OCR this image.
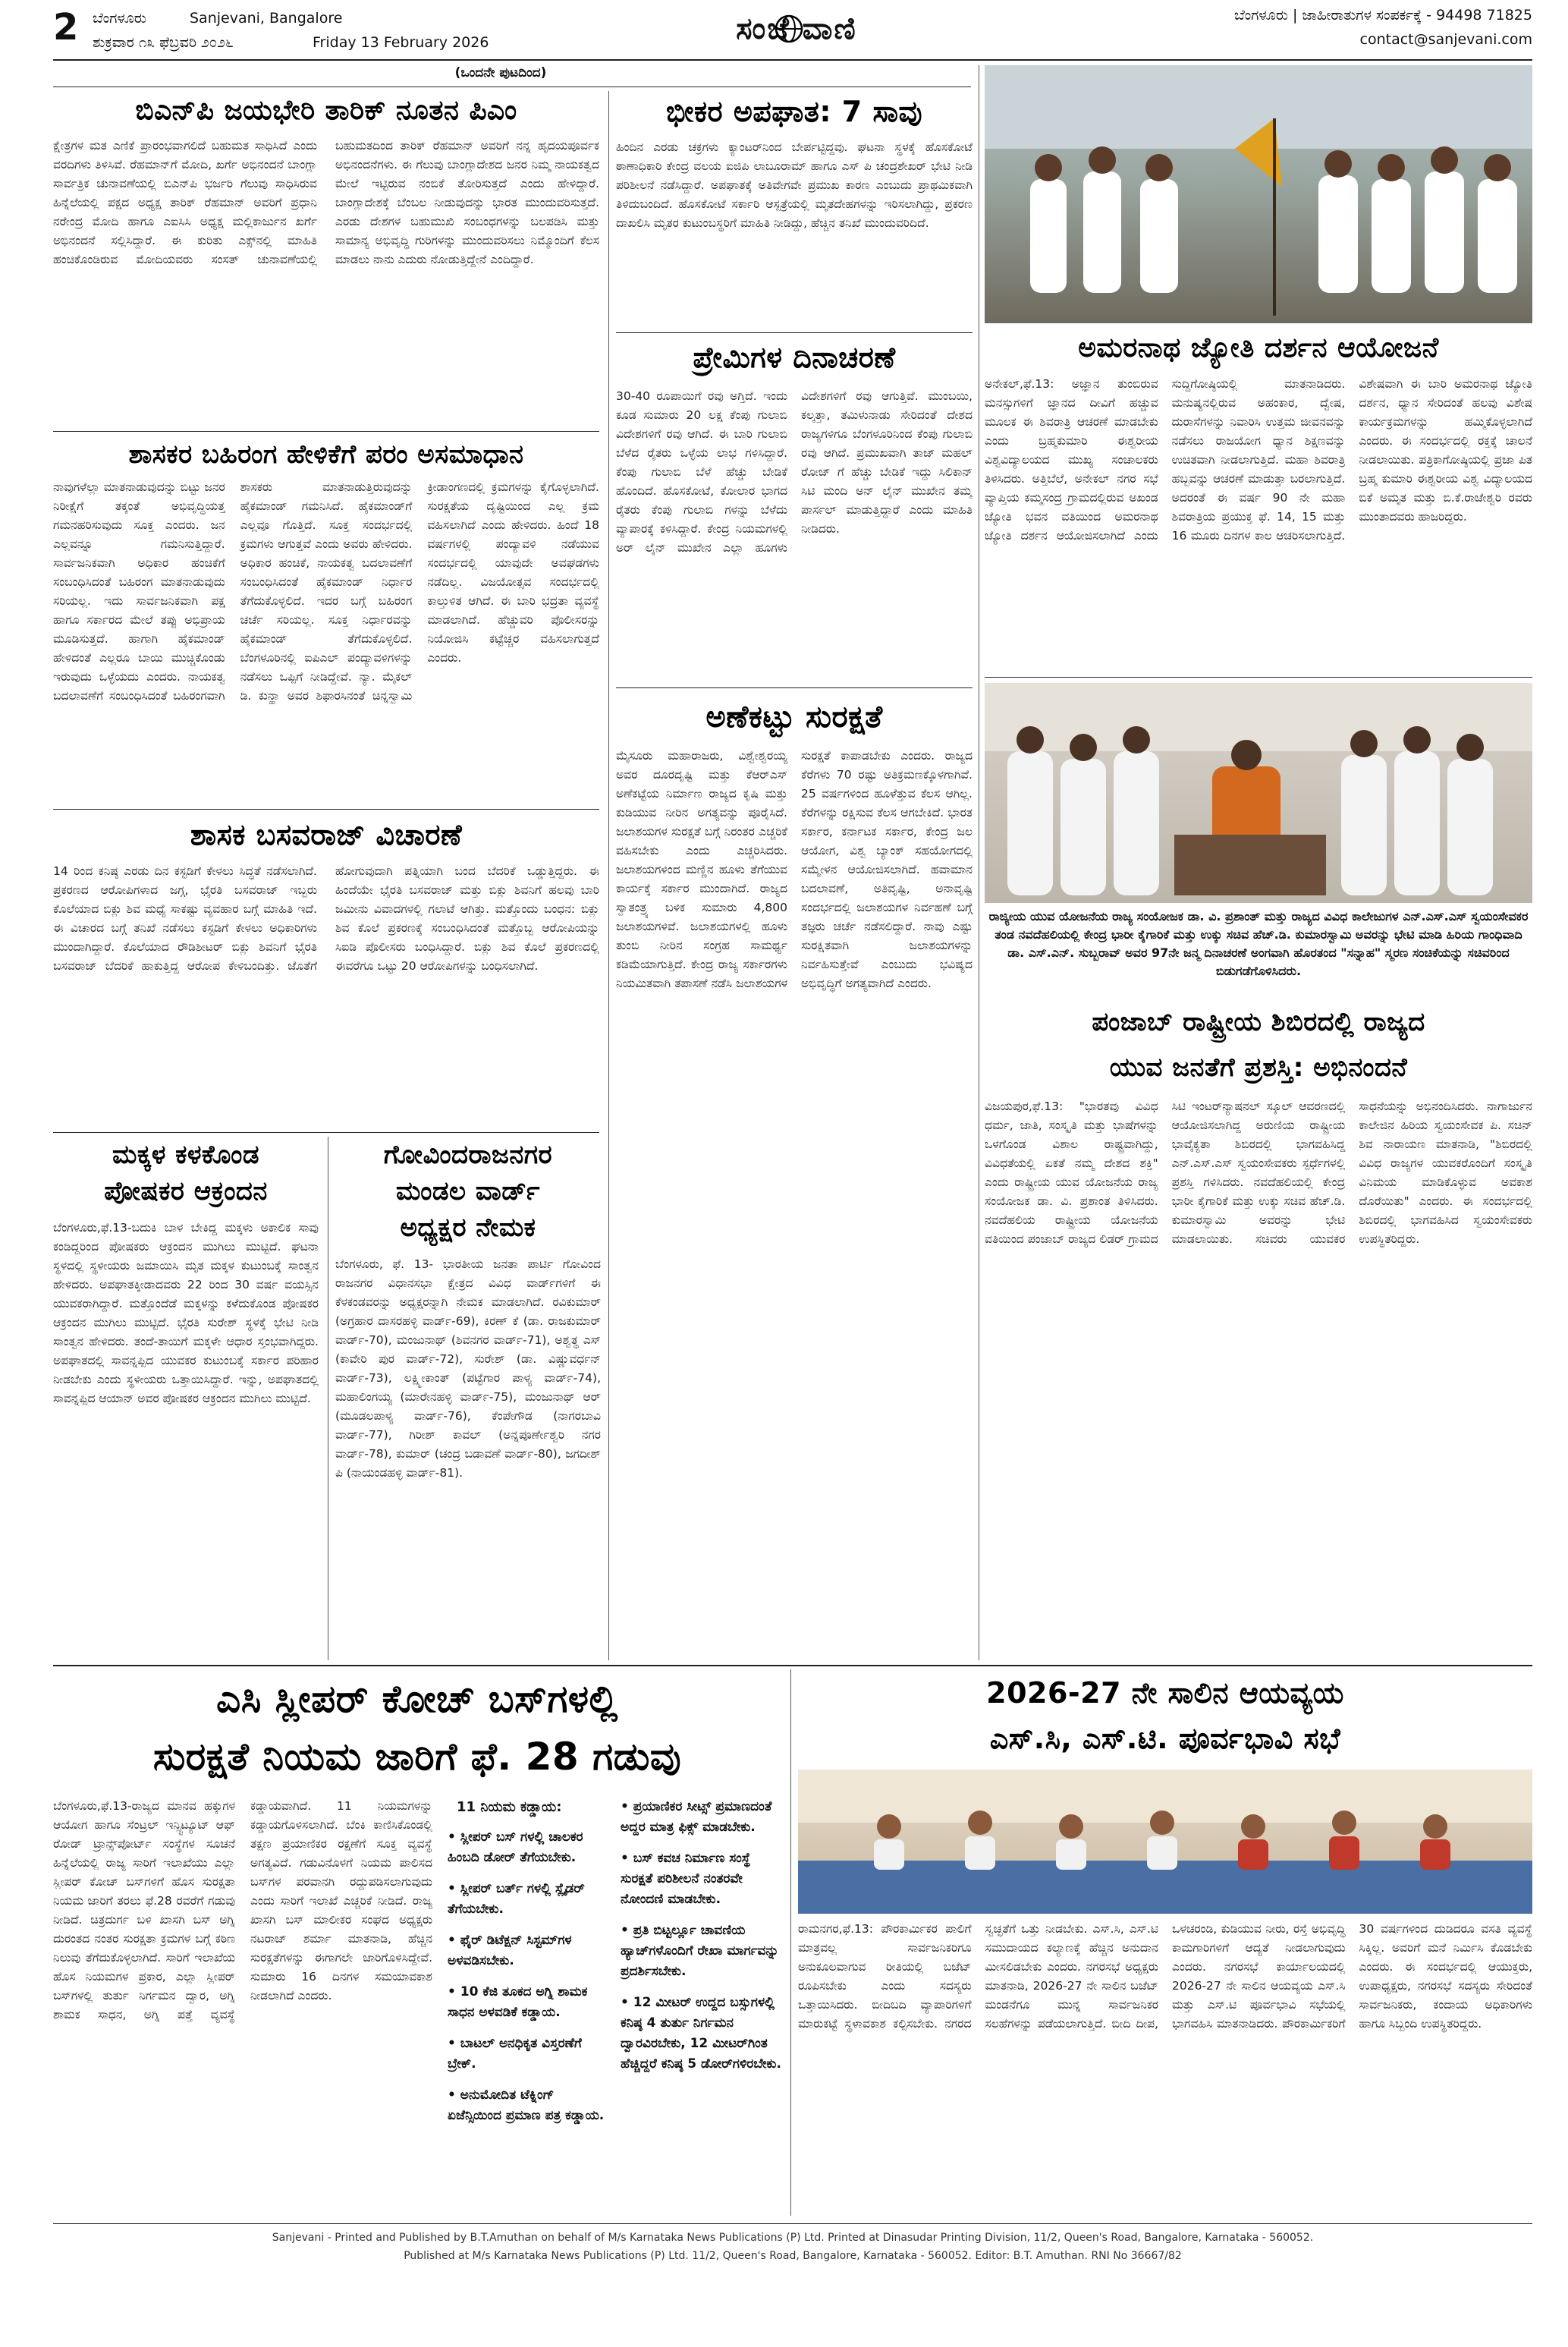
2 ಬೆಂಗಳೂರು	Sanjevani, Bangalore
ಶುಕ್ರವಾರ ೧೩ ಫೆಬ್ರವರಿ ೨೦೨೬	Friday 13 February 2026	ಸಂಜೆ ವಾಣಿ	ಬೆಂಗಳೂರು | ಜಾಹೀರಾತುಗಳ ಸಂಪರ್ಕಕ್ಕೆ - 94498 71825
contact@sanjevani.com
(ಒಂದನೇ ಪುಟದಿಂದ)
ಬಿಎನ್‌ಪಿ ಜಯಭೇರಿ ತಾರಿಕ್ ನೂತನ ಪಿಎಂ
ಕ್ಷೇತ್ರಗಳ ಮತ ಎಣಿಕೆ ಪ್ರಾರಂಭವಾಗಲಿದೆ ಬಹುಮತ ಸಾಧಿಸಿದೆ ಎಂದು ವರದಿಗಳು ತಿಳಿಸಿವೆ. ರೆಹಮಾನ್‌ಗೆ ಮೋದಿ, ಖರ್ಗೆ ಅಭಿನಂದನೆ ಬಾಂಗ್ಲಾ ಸಾರ್ವತ್ರಿಕ ಚುನಾವಣೆಯಲ್ಲಿ ಬಿಎನ್‌ಪಿ ಭರ್ಜರಿ ಗೆಲುವು ಸಾಧಿಸಿರುವ ಹಿನ್ನೆಲೆಯಲ್ಲಿ ಪಕ್ಷದ ಅಧ್ಯಕ್ಷ ತಾರಿಕ್ ರೆಹಮಾನ್ ಅವರಿಗೆ ಪ್ರಧಾನಿ ನರೇಂದ್ರ ಮೋದಿ ಹಾಗೂ ಎಐಸಿಸಿ ಅಧ್ಯಕ್ಷ ಮಲ್ಲಿಕಾರ್ಜುನ ಖರ್ಗೆ ಅಭಿನಂದನೆ ಸಲ್ಲಿಸಿದ್ದಾರೆ. ಈ ಕುರಿತು ಎಕ್ಸ್‌ನಲ್ಲಿ ಮಾಹಿತಿ ಹಂಚಿಕೊಂಡಿರುವ ಮೋದಿಯವರು ಸಂಸತ್ ಚುನಾವಣೆಯಲ್ಲಿ ಬಹುಮತದಿಂದ ತಾರಿಕ್ ರೆಹಮಾನ್ ಅವರಿಗೆ ನನ್ನ ಹೃದಯಪೂರ್ವಕ ಅಭಿನಂದನೆಗಳು. ಈ ಗೆಲುವು ಬಾಂಗ್ಲಾದೇಶದ ಜನರ ನಿಮ್ಮ ನಾಯಕತ್ವದ ಮೇಲೆ ಇಟ್ಟಿರುವ ನಂಬಿಕೆ ತೋರಿಸುತ್ತದೆ ಎಂದು ಹೇಳಿದ್ದಾರೆ. ಬಾಂಗ್ಲಾದೇಶಕ್ಕೆ ಬೆಂಬಲ ನೀಡುವುದನ್ನು ಭಾರತ ಮುಂದುವರಿಸುತ್ತದೆ. ಎರಡು ದೇಶಗಳ ಬಹುಮುಖಿ ಸಂಬಂಧಗಳನ್ನು ಬಲಪಡಿಸಿ ಮತ್ತು ಸಾಮಾನ್ಯ ಅಭಿವೃದ್ಧಿ ಗುರಿಗಳನ್ನು ಮುಂದುವರಿಸಲು ನಿಮ್ಮೊಂದಿಗೆ ಕೆಲಸ ಮಾಡಲು ನಾನು ಎದುರು ನೋಡುತ್ತಿದ್ದೇನೆ ಎಂದಿದ್ದಾರೆ.
ಶಾಸಕರ ಬಹಿರಂಗ ಹೇಳಿಕೆಗೆ ಪರಂ ಅಸಮಾಧಾನ
ನಾವುಗಳೆಲ್ಲಾ ಮಾತನಾಡುವುದನ್ನು ಬಿಟ್ಟು ಜನರ ನಿರೀಕ್ಷೆಗೆ ತಕ್ಕಂತೆ ಅಭಿವೃದ್ಧಿಯತ್ತ ಗಮನಹರಿಸುವುದು ಸೂಕ್ತ ಎಂದರು. ಜನ ಎಲ್ಲವನ್ನೂ ಗಮನಿಸುತ್ತಿದ್ದಾರೆ. ಸಾರ್ವಜನಿಕವಾಗಿ ಅಧಿಕಾರ ಹಂಚಿಕೆಗೆ ಸಂಬಂಧಿಸಿದಂತೆ ಬಹಿರಂಗ ಮಾತನಾಡುವುದು ಸರಿಯಲ್ಲ. ಇದು ಸಾರ್ವಜನಿಕವಾಗಿ ಪಕ್ಷ ಹಾಗೂ ಸರ್ಕಾರದ ಮೇಲೆ ತಪ್ಪು ಅಭಿಪ್ರಾಯ ಮೂಡಿಸುತ್ತದೆ. ಹಾಗಾಗಿ ಹೈಕಮಾಂಡ್ ಹೇಳಿದಂತೆ ಎಲ್ಲರೂ ಬಾಯಿ ಮುಚ್ಚಿಕೊಂಡು ಇರುವುದು ಒಳ್ಳೆಯದು ಎಂದರು. ನಾಯಕತ್ವ ಬದಲಾವಣೆಗೆ ಸಂಬಂಧಿಸಿದಂತೆ ಬಹಿರಂಗವಾಗಿ ಶಾಸಕರು ಮಾತನಾಡುತ್ತಿರುವುದನ್ನು ಹೈಕಮಾಂಡ್ ಗಮನಿಸಿದೆ. ಹೈಕಮಾಂಡ್‌ಗೆ ಎಲ್ಲವೂ ಗೊತ್ತಿದೆ. ಸೂಕ್ತ ಸಂದರ್ಭದಲ್ಲಿ ಕ್ರಮಗಳು ಆಗುತ್ತವೆ ಎಂದು ಅವರು ಹೇಳಿದರು. ಅಧಿಕಾರ ಹಂಚಿಕೆ, ನಾಯಕತ್ವ ಬದಲಾವಣೆಗೆ ಸಂಬಂಧಿಸಿದಂತೆ ಹೈಕಮಾಂಡ್ ನಿರ್ಧಾರ ತೆಗೆದುಕೊಳ್ಳಲಿದೆ. ಇದರ ಬಗ್ಗೆ ಬಹಿರಂಗ ಚರ್ಚೆ ಸರಿಯಲ್ಲ. ಸೂಕ್ತ ನಿರ್ಧಾರವನ್ನು ಹೈಕಮಾಂಡ್ ತೆಗೆದುಕೊಳ್ಳಲಿದೆ. ಬೆಂಗಳೂರಿನಲ್ಲಿ ಐಪಿಎಲ್ ಪಂದ್ಯಾವಳಿಗಳನ್ನು ನಡೆಸಲು ಒಪ್ಪಿಗೆ ನೀಡಿದ್ದೇವೆ. ನ್ಯಾ. ಮೈಕಲ್ ಡಿ. ಕುನ್ಹಾ ಅವರ ಶಿಫಾರಸಿನಂತೆ ಚಿನ್ನಸ್ವಾಮಿ ಕ್ರೀಡಾಂಗಣದಲ್ಲಿ ಕ್ರಮಗಳನ್ನು ಕೈಗೊಳ್ಳಲಾಗಿದೆ. ಸುರಕ್ಷತೆಯ ದೃಷ್ಟಿಯಿಂದ ಎಲ್ಲ ಕ್ರಮ ವಹಿಸಲಾಗಿದೆ ಎಂದು ಹೇಳಿದರು. ಹಿಂದೆ 18 ವರ್ಷಗಳಲ್ಲಿ ಪಂದ್ಯಾವಳಿ ನಡೆಯುವ ಸಂದರ್ಭದಲ್ಲಿ ಯಾವುದೇ ಅವಘಡಗಳು ನಡೆದಿಲ್ಲ. ವಿಜಯೋತ್ಸವ ಸಂದರ್ಭದಲ್ಲಿ ಕಾಲ್ತುಳಿತ ಆಗಿದೆ. ಈ ಬಾರಿ ಭದ್ರತಾ ವ್ಯವಸ್ಥೆ ಮಾಡಲಾಗಿದೆ. ಹೆಚ್ಚುವರಿ ಪೊಲೀಸರನ್ನು ನಿಯೋಜಿಸಿ ಕಟ್ಟೆಚ್ಚರ ವಹಿಸಲಾಗುತ್ತದೆ ಎಂದರು.
ಶಾಸಕ ಬಸವರಾಜ್ ವಿಚಾರಣೆ
14 ರಿಂದ ಕನಿಷ್ಠ ಎರಡು ದಿನ ಕಸ್ಟಡಿಗೆ ಕೇಳಲು ಸಿದ್ಧತೆ ನಡೆಸಲಾಗಿದೆ. ಪ್ರಕರಣದ ಆರೋಪಿಗಳಾದ ಜಗ್ಗ, ಭೈರತಿ ಬಸವರಾಜ್ ಇಬ್ಬರು ಕೊಲೆಯಾದ ಬಿಕ್ಲು ಶಿವ ಮಧ್ಯೆ ಸಾಕಷ್ಟು ವ್ಯವಹಾರ ಬಗ್ಗೆ ಮಾಹಿತಿ ಇದೆ. ಈ ವಿಚಾರದ ಬಗ್ಗೆ ತನಿಖೆ ನಡೆಸಲು ಕಸ್ಟಡಿಗೆ ಕೇಳಲು ಅಧಿಕಾರಿಗಳು ಮುಂದಾಗಿದ್ದಾರೆ. ಕೊಲೆಯಾದ ರೌಡಿಶೀಟರ್ ಬಿಕ್ಲು ಶಿವನಿಗೆ ಭೈರತಿ ಬಸವರಾಜ್ ಬೆದರಿಕೆ ಹಾಕುತ್ತಿದ್ದ ಆರೋಪ ಕೇಳಿಬಂದಿತ್ತು. ಜೊತೆಗೆ ಹೋಗುವುದಾಗಿ ಪತ್ನಿಯಾಗಿ ಬಂದ ಬೆದರಿಕೆ ಒಡ್ಡುತ್ತಿದ್ದರು. ಈ ಹಿಂದೆಯೇ ಭೈರತಿ ಬಸವರಾಜ್ ಮತ್ತು ಬಿಕ್ಲು ಶಿವನಿಗೆ ಹಲವು ಬಾರಿ ಜಮೀನು ವಿವಾದಗಳಲ್ಲಿ ಗಲಾಟೆ ಆಗಿತ್ತು. ಮತ್ತೊಂದು ಬಂಧನ: ಬಿಕ್ಲು ಶಿವ ಕೊಲೆ ಪ್ರಕರಣಕ್ಕೆ ಸಂಬಂಧಿಸಿದಂತೆ ಮತ್ತೊಬ್ಬ ಆರೋಪಿಯನ್ನು ಸಿಐಡಿ ಪೊಲೀಸರು ಬಂಧಿಸಿದ್ದಾರೆ. ಬಿಕ್ಲು ಶಿವ ಕೊಲೆ ಪ್ರಕರಣದಲ್ಲಿ ಈವರೆಗೂ ಒಟ್ಟು 20 ಆರೋಪಿಗಳನ್ನು ಬಂಧಿಸಲಾಗಿದೆ.
ಮಕ್ಕಳ ಕಳಕೊಂಡ
ಪೋಷಕರ ಆಕ್ರಂದನ
ಬೆಂಗಳೂರು,ಫೆ.13-ಬದುಕಿ ಬಾಳ ಬೇಕಿದ್ದ ಮಕ್ಕಳು ಅಕಾಲಿಕ ಸಾವು ಕಂಡಿದ್ದರಿಂದ ಪೋಷಕರು ಆಕ್ರಂದನ ಮುಗಿಲು ಮುಟ್ಟಿದೆ. ಘಟನಾ ಸ್ಥಳದಲ್ಲಿ ಸ್ಥಳೀಯರು ಜಮಾಯಿಸಿ ಮೃತ ಮಕ್ಕಳ ಕುಟುಂಬಕ್ಕೆ ಸಾಂತ್ವನ ಹೇಳಿದರು. ಅಪಘಾತಕ್ಕೀಡಾದವರು 22 ರಿಂದ 30 ವರ್ಷ ವಯಸ್ಸಿನ ಯುವಕರಾಗಿದ್ದಾರೆ. ಮತ್ತೊಂದೆಡೆ ಮಕ್ಕಳನ್ನು ಕಳೆದುಕೊಂಡ ಪೋಷಕರ ಆಕ್ರಂದನ ಮುಗಿಲು ಮುಟ್ಟಿದೆ. ಭೈರತಿ ಸುರೇಶ್ ಸ್ಥಳಕ್ಕೆ ಭೇಟಿ ನೀಡಿ ಸಾಂತ್ವನ ಹೇಳಿದರು. ತಂದೆ-ತಾಯಿಗೆ ಮಕ್ಕಳೇ ಆಧಾರ ಸ್ತಂಭವಾಗಿದ್ದರು. ಅಪಘಾತದಲ್ಲಿ ಸಾವನ್ನಪ್ಪಿದ ಯುವಕರ ಕುಟುಂಬಕ್ಕೆ ಸರ್ಕಾರ ಪರಿಹಾರ ನೀಡಬೇಕು ಎಂದು ಸ್ಥಳೀಯರು ಒತ್ತಾಯಿಸಿದ್ದಾರೆ. ಇನ್ನು, ಅಪಘಾತದಲ್ಲಿ ಸಾವನ್ನಪ್ಪಿದ ಆಯಾನ್ ಅವರ ಪೋಷಕರ ಆಕ್ರಂದನ ಮುಗಿಲು ಮುಟ್ಟಿದೆ.
ಗೋವಿಂದರಾಜನಗರ
ಮಂಡಲ ವಾರ್ಡ್
ಅಧ್ಯಕ್ಷರ ನೇಮಕ
ಬೆಂಗಳೂರು, ಫೆ. 13- ಭಾರತೀಯ ಜನತಾ ಪಾರ್ಟಿ ಗೋವಿಂದ ರಾಜನಗರ ವಿಧಾನಸಭಾ ಕ್ಷೇತ್ರದ ವಿವಿಧ ವಾರ್ಡ್‌ಗಳಿಗೆ ಈ ಕೆಳಕಂಡವರನ್ನು ಅಧ್ಯಕ್ಷರನ್ನಾಗಿ ನೇಮಕ ಮಾಡಲಾಗಿದೆ. ರವಿಕುಮಾರ್ (ಅಗ್ರಹಾರ ದಾಸರಹಳ್ಳಿ ವಾರ್ಡ್-69), ಕಿರಣ್ ಕೆ (ಡಾ. ರಾಜಕುಮಾರ್ ವಾರ್ಡ್-70), ಮಂಜುನಾಥ್ (ಶಿವನಗರ ವಾರ್ಡ್-71), ಅಶ್ವತ್ಥ ಎಸ್ (ಕಾವೇರಿ ಪುರ ವಾರ್ಡ್-72), ಸುರೇಶ್ (ಡಾ. ವಿಷ್ಣುವರ್ಧನ್ ವಾರ್ಡ್-73), ಲಕ್ಷ್ಮೀಕಾಂತ್ (ಪಟ್ಟೆಗಾರ ಪಾಳ್ಯ ವಾರ್ಡ್-74), ಮಹಾಲಿಂಗಯ್ಯ (ಮಾರೇನಹಳ್ಳಿ ವಾರ್ಡ್-75), ಮಂಜುನಾಥ್ ಆರ್ (ಮೂಡಲಪಾಳ್ಯ ವಾರ್ಡ್-76), ಕೆಂಪೇಗೌಡ (ನಾಗರಬಾವಿ ವಾರ್ಡ್-77), ಗಿರೀಶ್ ಕಾವಲ್ (ಅನ್ನಪೂರ್ಣೇಶ್ವರಿ ನಗರ ವಾರ್ಡ್-78), ಕುಮಾರ್ (ಚಂದ್ರ ಬಡಾವಣೆ ವಾರ್ಡ್-80), ಜಗದೀಶ್ ಪಿ (ನಾಯಂಡಹಳ್ಳಿ ವಾರ್ಡ್-81).
ಭೀಕರ ಅಪಘಾತ: 7 ಸಾವು
ಹಿಂದಿನ ಎರಡು ಚಕ್ರಗಳು ಕ್ಯಾಂಟರ್‌ನಿಂದ ಬೇರ್ಪಟ್ಟಿದ್ದವು. ಘಟನಾ ಸ್ಥಳಕ್ಕೆ ಹೊಸಕೋಟೆ ಠಾಣಾಧಿಕಾರಿ ಕೇಂದ್ರ ವಲಯ ಐಜಿಪಿ ಲಾಬೂರಾಮ್ ಹಾಗೂ ಎಸ್ ಪಿ ಚಂದ್ರಶೇಖರ್ ಭೇಟಿ ನೀಡಿ ಪರಿಶೀಲನೆ ನಡೆಸಿದ್ದಾರೆ. ಅಪಘಾತಕ್ಕೆ ಅತಿವೇಗವೇ ಪ್ರಮುಖ ಕಾರಣ ಎಂಬುದು ಪ್ರಾಥಮಿಕವಾಗಿ ತಿಳಿದುಬಂದಿದೆ. ಹೊಸಕೋಟೆ ಸರ್ಕಾರಿ ಆಸ್ಪತ್ರೆಯಲ್ಲಿ ಮೃತದೇಹಗಳನ್ನು ಇರಿಸಲಾಗಿದ್ದು, ಪ್ರಕರಣ ದಾಖಲಿಸಿ ಮೃತರ ಕುಟುಂಬಸ್ಥರಿಗೆ ಮಾಹಿತಿ ನೀಡಿದ್ದು, ಹೆಚ್ಚಿನ ತನಿಖೆ ಮುಂದುವರಿದಿದೆ.
ಪ್ರೇಮಿಗಳ ದಿನಾಚರಣೆ
30-40 ರೂಪಾಯಿಗೆ ರವು ಅಗ್ತಿದೆ. ಇಂದು ಕೂಡ ಸುಮಾರು 20 ಲಕ್ಷ ಕೆಂಪು ಗುಲಾಬಿ ವಿದೇಶಗಳಿಗೆ ರವು ಆಗಿದೆ. ಈ ಬಾರಿ ಗುಲಾಬಿ ಬೆಳೆದ ರೈತರು ಒಳ್ಳೆಯ ಲಾಭ ಗಳಿಸಿದ್ದಾರೆ. ಕೆಂಪು ಗುಲಾಬಿ ಬೆಳೆ ಹೆಚ್ಚು ಬೇಡಿಕೆ ಹೊಂದಿದೆ. ಹೊಸಕೋಟೆ, ಕೋಲಾರ ಭಾಗದ ರೈತರು ಕೆಂಪು ಗುಲಾಬಿ ಗಳನ್ನು ಬೆಳೆದು ವ್ಯಾಪಾರಕ್ಕೆ ಕಳಿಸಿದ್ದಾರೆ. ಕೇಂದ್ರ ನಿಯಮಗಳಲ್ಲಿ ಅರ್ ಲೈನ್ ಮುಖೇನ ಎಲ್ಲಾ ಹೂಗಳು ವಿದೇಶಗಳಿಗೆ ರವು ಆಗುತ್ತಿವೆ. ಮುಂಬಯಿ, ಕಲ್ಕತ್ತಾ, ತಮಿಳುನಾಡು ಸೇರಿದಂತೆ ದೇಶದ ರಾಜ್ಯಗಳಿಗೂ ಬೆಂಗಳೂರಿನಿಂದ ಕೆಂಪು ಗುಲಾಬಿ ರವು ಆಗಿದೆ. ಪ್ರಮುಖವಾಗಿ ತಾಜ್ ಮಹಲ್ ರೋಜ್ ಗೆ ಹೆಚ್ಚು ಬೇಡಿಕೆ ಇದ್ದು ಸಿಲಿಕಾನ್ ಸಿಟಿ ಮಂದಿ ಅನ್ ಲೈನ್ ಮುಖೇನ ತಮ್ಮ ಪಾರ್ಸಲ್ ಮಾಡುತ್ತಿದ್ದಾರೆ ಎಂದು ಮಾಹಿತಿ ನೀಡಿದರು.
ಅಣೆಕಟ್ಟು ಸುರಕ್ಷತೆ
ಮೈಸೂರು ಮಹಾರಾಜರು, ವಿಶ್ವೇಶ್ವರಯ್ಯ ಅವರ ದೂರದೃಷ್ಟಿ ಮತ್ತು ಕೆಆರ್‌ಎಸ್ ಅಣೆಕಟ್ಟೆಯ ನಿರ್ಮಾಣ ರಾಜ್ಯದ ಕೃಷಿ ಮತ್ತು ಕುಡಿಯುವ ನೀರಿನ ಅಗತ್ಯವನ್ನು ಪೂರೈಸಿದೆ. ಜಲಾಶಯಗಳ ಸುರಕ್ಷತೆ ಬಗ್ಗೆ ನಿರಂತರ ಎಚ್ಚರಿಕೆ ವಹಿಸಬೇಕು ಎಂದು ಎಚ್ಚರಿಸಿದರು. ಜಲಾಶಯಗಳಿಂದ ಮಣ್ಣಿನ ಹೂಳು ತೆಗೆಯುವ ಕಾರ್ಯಕ್ಕೆ ಸರ್ಕಾರ ಮುಂದಾಗಿದೆ. ರಾಜ್ಯದ ಸ್ವಾತಂತ್ರ್ಯ ಬಳಿಕ ಸುಮಾರು 4,800 ಜಲಾಶಯಗಳಿವೆ. ಜಲಾಶಯಗಳಲ್ಲಿ ಹೂಳು ತುಂಬಿ ನೀರಿನ ಸಂಗ್ರಹ ಸಾಮರ್ಥ್ಯ ಕಡಿಮೆಯಾಗುತ್ತಿದೆ. ಕೇಂದ್ರ ರಾಜ್ಯ ಸರ್ಕಾರಗಳು ನಿಯಮಿತವಾಗಿ ತಪಾಸಣೆ ನಡೆಸಿ ಜಲಾಶಯಗಳ ಸುರಕ್ಷತೆ ಕಾಪಾಡಬೇಕು ಎಂದರು. ರಾಜ್ಯದ ಕೆರೆಗಳು 70 ರಷ್ಟು ಅತಿಕ್ರಮಣಕ್ಕೊಳಗಾಗಿವೆ. 25 ವರ್ಷಗಳಿಂದ ಹೂಳೆತ್ತುವ ಕೆಲಸ ಆಗಿಲ್ಲ. ಕೆರೆಗಳನ್ನು ರಕ್ಷಿಸುವ ಕೆಲಸ ಆಗಬೇಕಿದೆ. ಭಾರತ ಸರ್ಕಾರ, ಕರ್ನಾಟಕ ಸರ್ಕಾರ, ಕೇಂದ್ರ ಜಲ ಆಯೋಗ, ವಿಶ್ವ ಬ್ಯಾಂಕ್ ಸಹಯೋಗದಲ್ಲಿ ಸಮ್ಮೇಳನ ಆಯೋಜಿಸಲಾಗಿದೆ. ಹವಾಮಾನ ಬದಲಾವಣೆ, ಅತಿವೃಷ್ಟಿ, ಅನಾವೃಷ್ಟಿ ಸಂದರ್ಭದಲ್ಲಿ ಜಲಾಶಯಗಳ ನಿರ್ವಹಣೆ ಬಗ್ಗೆ ತಜ್ಞರು ಚರ್ಚೆ ನಡೆಸಲಿದ್ದಾರೆ. ನಾವು ಎಷ್ಟು ಸುರಕ್ಷಿತವಾಗಿ ಜಲಾಶಯಗಳನ್ನು ನಿರ್ವಹಿಸುತ್ತೇವೆ ಎಂಬುದು ಭವಿಷ್ಯದ ಅಭಿವೃದ್ಧಿಗೆ ಅಗತ್ಯವಾಗಿದೆ ಎಂದರು.
ಅಮರನಾಥ ಜ್ಯೋತಿ ದರ್ಶನ ಆಯೋಜನೆ
ಅನೇಕಲ್,ಫೆ.13: ಅಜ್ಞಾನ ತುಂಬಿರುವ ಮನಸ್ಸುಗಳಿಗೆ ಜ್ಞಾನದ ದೀವಿಗೆ ಹಚ್ಚುವ ಮೂಲಕ ಈ ಶಿವರಾತ್ರಿ ಆಚರಣೆ ಮಾಡಬೇಕು ಎಂದು ಬ್ರಹ್ಮಕುಮಾರಿ ಈಶ್ವರೀಯ ವಿಶ್ವವಿದ್ಯಾಲಯದ ಮುಖ್ಯ ಸಂಚಾಲಕರು ತಿಳಿಸಿದರು. ಅತ್ತಿಬೆಲೆ, ಅನೇಕಲ್ ನಗರ ಸಭೆ ವ್ಯಾಪ್ತಿಯ ಕಮ್ಮಸಂದ್ರ ಗ್ರಾಮದಲ್ಲಿರುವ ಅಖಂಡ ಜ್ಯೋತಿ ಭವನ ವತಿಯಿಂದ ಅಮರನಾಥ ಜ್ಯೋತಿ ದರ್ಶನ ಆಯೋಜಿಸಲಾಗಿದೆ ಎಂದು ಸುದ್ದಿಗೋಷ್ಠಿಯಲ್ಲಿ ಮಾತನಾಡಿದರು. ಮನುಷ್ಯನಲ್ಲಿರುವ ಅಹಂಕಾರ, ದ್ವೇಷ, ದುರಾಸೆಗಳನ್ನು ನಿವಾರಿಸಿ ಉತ್ತಮ ಜೀವನವನ್ನು ನಡೆಸಲು ರಾಜಯೋಗ ಧ್ಯಾನ ಶಿಕ್ಷಣವನ್ನು ಉಚಿತವಾಗಿ ನೀಡಲಾಗುತ್ತಿದೆ. ಮಹಾ ಶಿವರಾತ್ರಿ ಹಬ್ಬವನ್ನು ಆಚರಣೆ ಮಾಡುತ್ತಾ ಬರಲಾಗುತ್ತಿದೆ. ಅದರಂತೆ ಈ ವರ್ಷ 90 ನೇ ಮಹಾ ಶಿವರಾತ್ರಿಯ ಪ್ರಯುಕ್ತ ಫೆ. 14, 15 ಮತ್ತು 16 ಮೂರು ದಿನಗಳ ಕಾಲ ಆಚರಿಸಲಾಗುತ್ತಿದೆ. ವಿಶೇಷವಾಗಿ ಈ ಬಾರಿ ಅಮರನಾಥ ಜ್ಯೋತಿ ದರ್ಶನ, ಧ್ಯಾನ ಸೇರಿದಂತೆ ಹಲವು ವಿಶೇಷ ಕಾರ್ಯಕ್ರಮಗಳನ್ನು ಹಮ್ಮಿಕೊಳ್ಳಲಾಗಿದೆ ಎಂದರು. ಈ ಸಂದರ್ಭದಲ್ಲಿ ರಕ್ತಕ್ಕೆ ಚಾಲನೆ ನೀಡಲಾಯಿತು. ಪತ್ರಿಕಾಗೋಷ್ಠಿಯಲ್ಲಿ ಪ್ರಜಾ ಪಿತ ಬ್ರಹ್ಮ ಕುಮಾರಿ ಈಶ್ವರೀಯ ವಿಶ್ವ ವಿದ್ಯಾಲಯದ ಬಿಕೆ ಅಮೃತ ಮತ್ತು ಬಿ.ಕೆ.ರಾಜೇಶ್ವರಿ ರವರು ಮುಂತಾದವರು ಹಾಜರಿದ್ದರು.
ರಾಜ್ಯೀಯ ಯುವ ಯೋಜನೆಯ ರಾಜ್ಯ ಸಂಯೋಜಕ ಡಾ. ವಿ. ಪ್ರಶಾಂತ್ ಮತ್ತು ರಾಜ್ಯದ ವಿವಿಧ ಕಾಲೇಜುಗಳ ಎನ್.ಎಸ್.ಎಸ್ ಸ್ವಯಂಸೇವಕರ ತಂಡ ನವದೆಹಲಿಯಲ್ಲಿ ಕೇಂದ್ರ ಭಾರೀ ಕೈಗಾರಿಕೆ ಮತ್ತು ಉಕ್ಕು ಸಚಿವ ಹೆಚ್.ಡಿ. ಕುಮಾರಸ್ವಾಮಿ ಅವರನ್ನು ಭೇಟಿ ಮಾಡಿ ಹಿರಿಯ ಗಾಂಧಿವಾದಿ ಡಾ. ಎಸ್.ಎನ್. ಸುಬ್ಬರಾವ್ ಅವರ 97ನೇ ಜನ್ಮ ದಿನಾಚರಣೆ ಅಂಗವಾಗಿ ಹೊರತಂದ "ಸನ್ನಾಹ" ಸ್ಮರಣ ಸಂಚಿಕೆಯನ್ನು ಸಚಿವರಿಂದ ಬಿಡುಗಡೆಗೊಳಿಸಿದರು.
ಪಂಜಾಬ್ ರಾಷ್ಟ್ರೀಯ ಶಿಬಿರದಲ್ಲಿ ರಾಜ್ಯದ
ಯುವ ಜನತೆಗೆ ಪ್ರಶಸ್ತಿ: ಅಭಿನಂದನೆ
ವಿಜಯಪುರ,ಫೆ.13: "ಭಾರತವು ವಿವಿಧ ಧರ್ಮ, ಜಾತಿ, ಸಂಸ್ಕೃತಿ ಮತ್ತು ಭಾಷೆಗಳನ್ನು ಒಳಗೊಂಡ ವಿಶಾಲ ರಾಷ್ಟ್ರವಾಗಿದ್ದು, ವಿವಿಧತೆಯಲ್ಲಿ ಏಕತೆ ನಮ್ಮ ದೇಶದ ಶಕ್ತಿ" ಎಂದು ರಾಷ್ಟ್ರೀಯ ಯುವ ಯೋಜನೆಯ ರಾಜ್ಯ ಸಂಯೋಜಕ ಡಾ. ವಿ. ಪ್ರಶಾಂತ ತಿಳಿಸಿದರು. ನವದೆಹಲಿಯ ರಾಷ್ಟ್ರೀಯ ಯೋಜನೆಯ ವತಿಯಿಂದ ಪಂಜಾಬ್ ರಾಜ್ಯದ ಲಿಡರ್ ಗ್ರಾಮದ ಸಿಟಿ ಇಂಟರ್‌ನ್ಯಾಷನಲ್ ಸ್ಕೂಲ್ ಆವರಣದಲ್ಲಿ ಆಯೋಜಿಸಲಾಗಿದ್ದ ಅರುಣಿಯ ರಾಷ್ಟ್ರೀಯ ಭಾವೈಕ್ಯತಾ ಶಿಬಿರದಲ್ಲಿ ಭಾಗವಹಿಸಿದ್ದ ಎನ್.ಎಸ್.ಎಸ್ ಸ್ವಯಂಸೇವಕರು ಸ್ಪರ್ಧೆಗಳಲ್ಲಿ ಪ್ರಶಸ್ತಿ ಗಳಿಸಿದರು. ನವದೆಹಲಿಯಲ್ಲಿ ಕೇಂದ್ರ ಭಾರೀ ಕೈಗಾರಿಕೆ ಮತ್ತು ಉಕ್ಕು ಸಚಿವ ಹೆಚ್.ಡಿ. ಕುಮಾರಸ್ವಾಮಿ ಅವರನ್ನು ಭೇಟಿ ಮಾಡಲಾಯಿತು. ಸಚಿವರು ಯುವಕರ ಸಾಧನೆಯನ್ನು ಅಭಿನಂದಿಸಿದರು. ನಾಗಾರ್ಜುನ ಕಾಲೇಜಿನ ಹಿರಿಯ ಸ್ವಯಂಸೇವಕ ಪಿ. ಸಚಿನ್ ಶಿವ ನಾರಾಯಣ ಮಾತನಾಡಿ, "ಶಿಬಿರದಲ್ಲಿ ವಿವಿಧ ರಾಜ್ಯಗಳ ಯುವಕರೊಂದಿಗೆ ಸಂಸ್ಕೃತಿ ವಿನಿಮಯ ಮಾಡಿಕೊಳ್ಳುವ ಅವಕಾಶ ದೊರೆಯಿತು" ಎಂದರು. ಈ ಸಂದರ್ಭದಲ್ಲಿ ಶಿಬಿರದಲ್ಲಿ ಭಾಗವಹಿಸಿದ ಸ್ವಯಂಸೇವಕರು ಉಪಸ್ಥಿತರಿದ್ದರು.
ಎಸಿ ಸ್ಲೀಪರ್ ಕೋಚ್ ಬಸ್‌ಗಳಲ್ಲಿ
ಸುರಕ್ಷತೆ ನಿಯಮ ಜಾರಿಗೆ ಫೆ. 28 ಗಡುವು
ಬೆಂಗಳೂರು,ಫೆ.13-ರಾಜ್ಯದ ಮಾನವ ಹಕ್ಕುಗಳ ಆಯೋಗ ಹಾಗೂ ಸೆಂಟ್ರಲ್ ಇನ್ಸ್ಟಿಟ್ಯೂಟ್ ಆಫ್ ರೋಡ್ ಟ್ರಾನ್ಸ್‌ಪೋರ್ಟ್ ಸಂಸ್ಥೆಗಳ ಸೂಚನೆ ಹಿನ್ನೆಲೆಯಲ್ಲಿ ರಾಜ್ಯ ಸಾರಿಗೆ ಇಲಾಖೆಯು ಎಲ್ಲಾ ಸ್ಲೀಪರ್ ಕೋಚ್ ಬಸ್‌ಗಳಿಗೆ ಹೊಸ ಸುರಕ್ಷತಾ ನಿಯಮ ಜಾರಿಗೆ ತರಲು ಫೆ.28 ರವರೆಗೆ ಗಡುವು ನೀಡಿದೆ. ಚಿತ್ರದುರ್ಗ ಬಳಿ ಖಾಸಗಿ ಬಸ್ ಅಗ್ನಿ ದುರಂತದ ನಂತರ ಸುರಕ್ಷತಾ ಕ್ರಮಗಳ ಬಗ್ಗೆ ಕಠಿಣ ನಿಲುವು ತೆಗೆದುಕೊಳ್ಳಲಾಗಿದೆ. ಸಾರಿಗೆ ಇಲಾಖೆಯ ಹೊಸ ನಿಯಮಗಳ ಪ್ರಕಾರ, ಎಲ್ಲಾ ಸ್ಲೀಪರ್ ಬಸ್‌ಗಳಲ್ಲಿ ತುರ್ತು ನಿರ್ಗಮನ ದ್ವಾರ, ಅಗ್ನಿ ಶಾಮಕ ಸಾಧನ, ಅಗ್ನಿ ಪತ್ತೆ ವ್ಯವಸ್ಥೆ ಕಡ್ಡಾಯವಾಗಿದೆ. 11 ನಿಯಮಗಳನ್ನು ಕಡ್ಡಾಯಗೊಳಿಸಲಾಗಿದೆ. ಬೆಂಕಿ ಕಾಣಿಸಿಕೊಂಡಲ್ಲಿ ತಕ್ಷಣ ಪ್ರಯಾಣಿಕರ ರಕ್ಷಣೆಗೆ ಸೂಕ್ತ ವ್ಯವಸ್ಥೆ ಅಗತ್ಯವಿದೆ. ಗಡುವಿನೊಳಗೆ ನಿಯಮ ಪಾಲಿಸದ ಬಸ್‌ಗಳ ಪರವಾನಗಿ ರದ್ದುಪಡಿಸಲಾಗುವುದು ಎಂದು ಸಾರಿಗೆ ಇಲಾಖೆ ಎಚ್ಚರಿಕೆ ನೀಡಿದೆ. ರಾಜ್ಯ ಖಾಸಗಿ ಬಸ್ ಮಾಲೀಕರ ಸಂಘದ ಅಧ್ಯಕ್ಷರು ನಟರಾಜ್ ಶರ್ಮಾ ಮಾತನಾಡಿ, ಹೆಚ್ಚಿನ ಸುರಕ್ಷತೆಗಳನ್ನು ಈಗಾಗಲೇ ಜಾರಿಗೊಳಿಸಿದ್ದೇವೆ. ಸುಮಾರು 16 ದಿನಗಳ ಸಮಯಾವಕಾಶ ನೀಡಲಾಗಿದೆ ಎಂದರು.
11 ನಿಯಮ ಕಡ್ಡಾಯ:
• ಸ್ಲೀಪರ್ ಬಸ್ ಗಳಲ್ಲಿ ಚಾಲಕರ ಹಿಂಬದಿ ಡೋರ್ ತೆಗೆಯಬೇಕು.
• ಸ್ಲೀಪರ್ ಬರ್ತ್ ಗಳಲ್ಲಿ ಸ್ಲೈಡರ್ ತೆಗೆಯಬೇಕು.
• ಫೈರ್ ಡಿಟೆಕ್ಷನ್ ಸಿಸ್ಟಮ್‌ಗಳ ಅಳವಡಿಸಬೇಕು.
• 10 ಕೆಜಿ ತೂಕದ ಅಗ್ನಿ ಶಾಮಕ ಸಾಧನ ಅಳವಡಿಕೆ ಕಡ್ಡಾಯ.
• ಬಾಟಲ್ ಅನಧಿಕೃತ ವಿಸ್ತರಣೆಗೆ ಬ್ರೇಕ್.
• ಅನುಮೋದಿತ ಟೆಕ್ನಿಂಗ್ ಏಜೆನ್ಸಿಯಿಂದ ಪ್ರಮಾಣ ಪತ್ರ ಕಡ್ಡಾಯ.
• ಪ್ರಯಾಣಿಕರ ಸೀಟ್ಸ್ ಪ್ರಮಾಣದಂತೆ ಅದ್ದರ ಮಾತ್ರ ಫಿಕ್ಸ್ ಮಾಡಬೇಕು.
• ಬಸ್ ಕವಚ ನಿರ್ಮಾಣ ಸಂಸ್ಥೆ ಸುರಕ್ಷತೆ ಪರಿಶೀಲನೆ ನಂತರವೇ ನೋಂದಣಿ ಮಾಡಬೇಕು.
• ಪ್ರತಿ ಬಿಟ್ಟರ್ಲ್ಲೂ ಚಾವಣಿಯ ಹ್ಯಾಚ್‌ಗಳೊಂದಿಗೆ ರೇಖಾ ಮಾರ್ಗವನ್ನು ಪ್ರದರ್ಶಿಸಬೇಕು.
• 12 ಮೀಟರ್ ಉದ್ದದ ಬಸ್ಸುಗಳಲ್ಲಿ ಕನಿಷ್ಠ 4 ತುರ್ತು ನಿರ್ಗಮನ ದ್ವಾರವಿರಬೇಕು, 12 ಮೀಟರ್‌ಗಿಂತ ಹೆಚ್ಚಿದ್ದರೆ ಕನಿಷ್ಠ 5 ಡೋರ್‌ಗಳಿರಬೇಕು.
2026-27 ನೇ ಸಾಲಿನ ಆಯವ್ಯಯ
ಎಸ್.ಸಿ, ಎಸ್.ಟಿ. ಪೂರ್ವಭಾವಿ ಸಭೆ
ರಾಮನಗರ,ಫೆ.13: ಪೌರಕಾರ್ಮಿಕರ ಪಾಲಿಗೆ ಮಾತ್ರವಲ್ಲ ಸಾರ್ವಜನಿಕರಿಗೂ ಅನುಕೂಲವಾಗುವ ರೀತಿಯಲ್ಲಿ ಬಜೆಟ್ ರೂಪಿಸಬೇಕು ಎಂದು ಸದಸ್ಯರು ಒತ್ತಾಯಿಸಿದರು. ಬೀದಿಬದಿ ವ್ಯಾಪಾರಿಗಳಿಗೆ ಮಾರುಕಟ್ಟೆ ಸ್ಥಳಾವಕಾಶ ಕಲ್ಪಿಸಬೇಕು. ನಗರದ ಸ್ವಚ್ಛತೆಗೆ ಒತ್ತು ನೀಡಬೇಕು. ಎಸ್.ಸಿ, ಎಸ್.ಟಿ ಸಮುದಾಯದ ಕಲ್ಯಾಣಕ್ಕೆ ಹೆಚ್ಚಿನ ಅನುದಾನ ಮೀಸಲಿಡಬೇಕು ಎಂದರು. ನಗರಸಭೆ ಅಧ್ಯಕ್ಷರು ಮಾತನಾಡಿ, 2026-27 ನೇ ಸಾಲಿನ ಬಜೆಟ್ ಮಂಡನೆಗೂ ಮುನ್ನ ಸಾರ್ವಜನಿಕರ ಸಲಹೆಗಳನ್ನು ಪಡೆಯಲಾಗುತ್ತಿದೆ. ಬೀದಿ ದೀಪ, ಒಳಚರಂಡಿ, ಕುಡಿಯುವ ನೀರು, ರಸ್ತೆ ಅಭಿವೃದ್ಧಿ ಕಾಮಗಾರಿಗಳಿಗೆ ಆದ್ಯತೆ ನೀಡಲಾಗುವುದು ಎಂದರು. ನಗರಸಭೆ ಕಾರ್ಯಾಲಯದಲ್ಲಿ 2026-27 ನೇ ಸಾಲಿನ ಆಯವ್ಯಯ ಎಸ್.ಸಿ ಮತ್ತು ಎಸ್.ಟಿ ಪೂರ್ವಭಾವಿ ಸಭೆಯಲ್ಲಿ ಭಾಗವಹಿಸಿ ಮಾತನಾಡಿದರು. ಪೌರಕಾರ್ಮಿಕರಿಗೆ 30 ವರ್ಷಗಳಿಂದ ದುಡಿದರೂ ವಸತಿ ವ್ಯವಸ್ಥೆ ಸಿಕ್ಕಿಲ್ಲ. ಅವರಿಗೆ ಮನೆ ನಿರ್ಮಿಸಿ ಕೊಡಬೇಕು ಎಂದರು. ಈ ಸಂದರ್ಭದಲ್ಲಿ ಆಯುಕ್ತರು, ಉಪಾಧ್ಯಕ್ಷರು, ನಗರಸಭೆ ಸದಸ್ಯರು ಸೇರಿದಂತೆ ಸಾರ್ವಜನಿಕರು, ಕಂದಾಯ ಅಧಿಕಾರಿಗಳು ಹಾಗೂ ಸಿಬ್ಬಂದಿ ಉಪಸ್ಥಿತರಿದ್ದರು.
Sanjevani - Printed and Published by B.T.Amuthan on behalf of M/s Karnataka News Publications (P) Ltd. Printed at Dinasudar Printing Division, 11/2, Queen's Road, Bangalore, Karnataka - 560052.
Published at M/s Karnataka News Publications (P) Ltd. 11/2, Queen's Road, Bangalore, Karnataka - 560052. Editor: B.T. Amuthan. RNI No 36667/82
